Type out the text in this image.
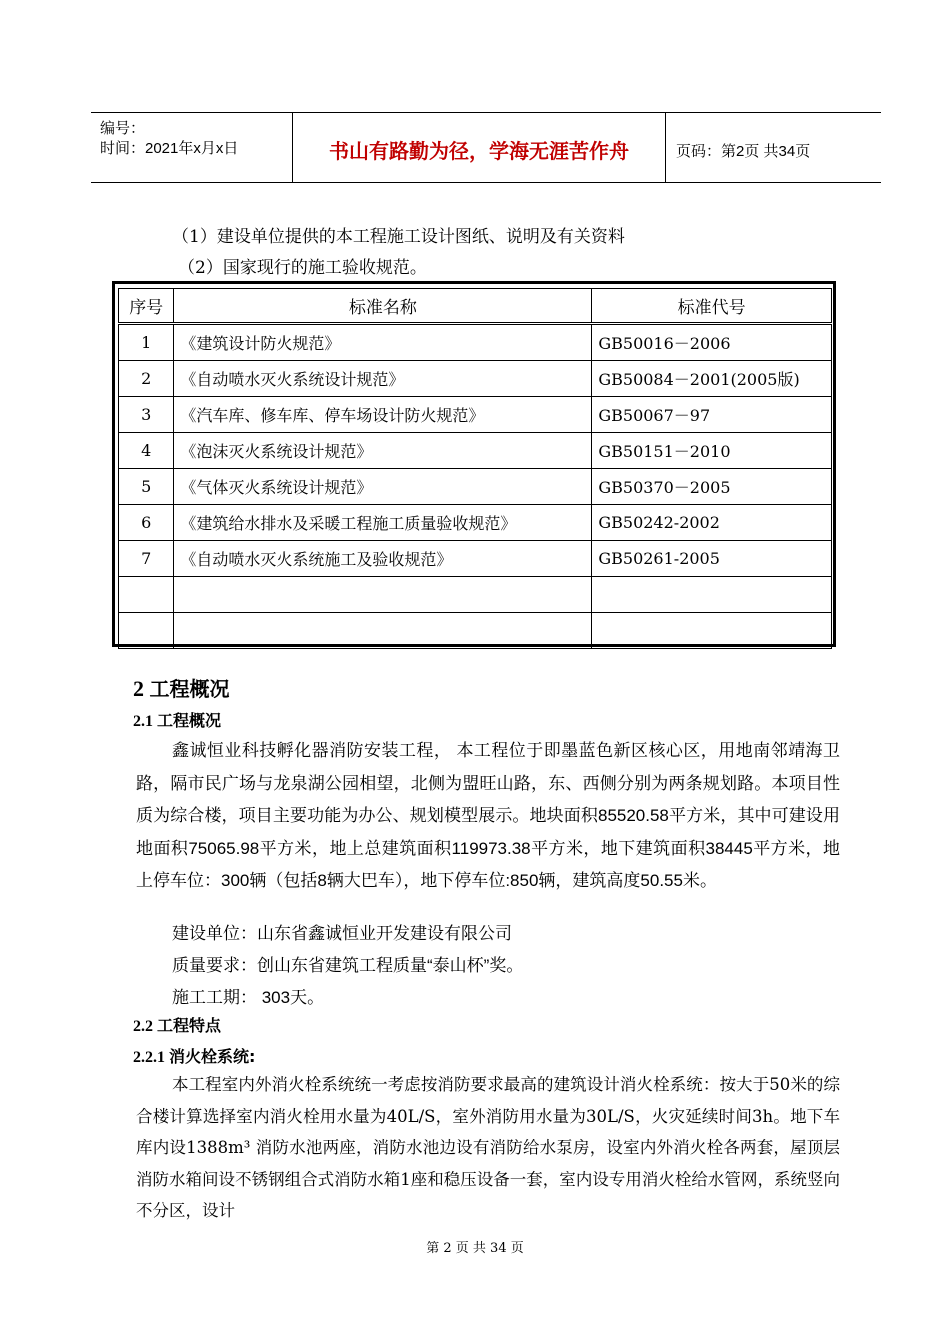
编号：
时间：2021年x月x日	书山有路勤为径，学海无涯苦作舟	页码：第2页 共34页
（1）建设单位提供的本工程施工设计图纸、说明及有关资料
（2）国家现行的施工验收规范。
序号	标准名称	标准代号
1	《建筑设计防火规范》	GB50016－2006
2	《自动喷水灭火系统设计规范》	GB50084－2001(2005版)
3	《汽车库、修车库、停车场设计防火规范》	GB50067－97
4	《泡沫灭火系统设计规范》	GB50151－2010
5	《气体灭火系统设计规范》	GB50370－2005
6	《建筑给水排水及采暖工程施工质量验收规范》	GB50242-2002
7	《自动喷水灭火系统施工及验收规范》	GB50261-2005

2 工程概况
2.1 工程概况
鑫诚恒业科技孵化器消防安装工程， 本工程位于即墨蓝色新区核心区，用地南邻靖海卫路，隔市民广场与龙泉湖公园相望，北侧为盟旺山路，东、西侧分别为两条规划路。本项目性质为综合楼，项目主要功能为办公、规划模型展示。地块面积85520.58平方米，其中可建设用地面积75065.98平方米，地上总建筑面积119973.38平方米，地下建筑面积38445平方米，地上停车位：300辆（包括8辆大巴车），地下停车位:850辆，建筑高度50.55米。
建设单位：山东省鑫诚恒业开发建设有限公司
质量要求：创山东省建筑工程质量“泰山杯”奖。
施工工期： 303天。
2.2 工程特点
2.2.1 消火栓系统:
本工程室内外消火栓系统统一考虑按消防要求最高的建筑设计消火栓系统：按大于50米的综合楼计算选择室内消火栓用水量为40L/S，室外消防用水量为30L/S，火灾延续时间3h。地下车库内设1388m³ 消防水池两座，消防水池边设有消防给水泵房，设室内外消火栓各两套，屋顶层消防水箱间设不锈钢组合式消防水箱1座和稳压设备一套，室内设专用消火栓给水管网，系统竖向不分区，设计
第 2 页 共 34 页
